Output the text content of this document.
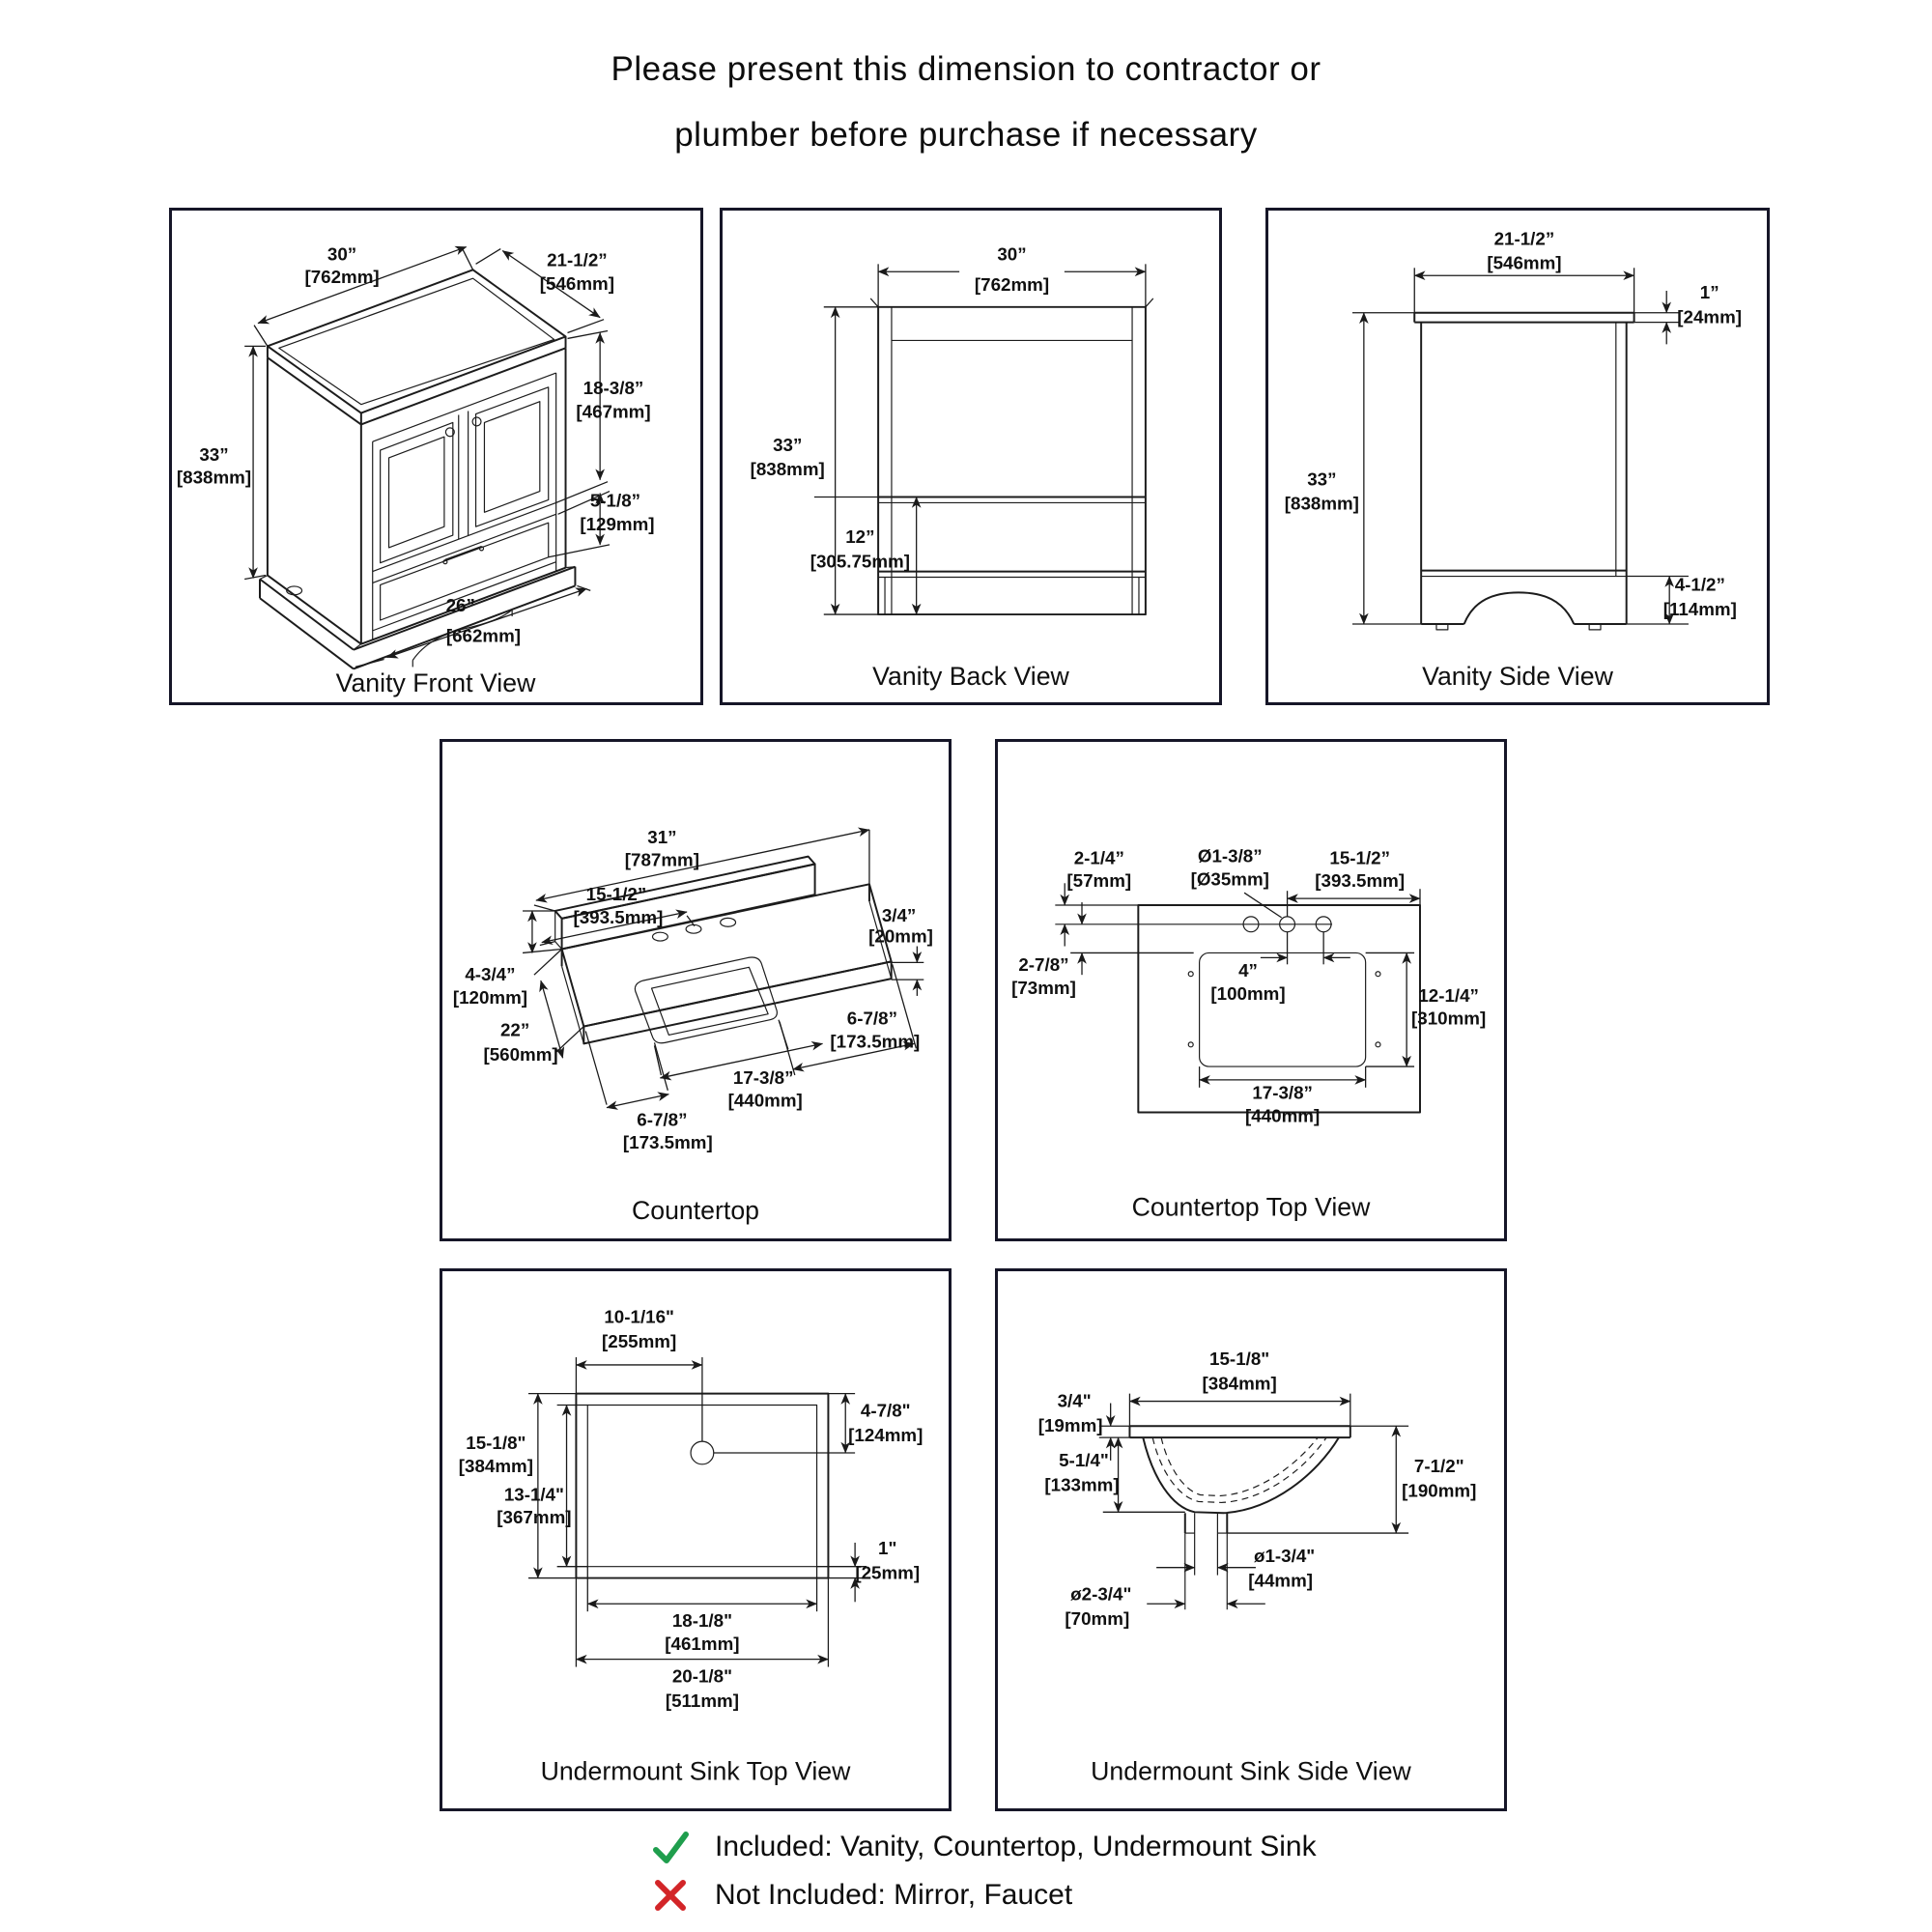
Please present this dimension to contractor or
plumber before purchase if necessary
30”
[762mm]
21-1/2”
[546mm]
33”
[838mm]
18-3/8”
[467mm]
5-1/8”
[129mm]
26”
[662mm]
Vanity Front View
30”
[762mm]
33”
[838mm]
12”
[305.75mm]
Vanity Back View
21-1/2”
[546mm]
1”
[24mm]
33”
[838mm]
4-1/2”
[114mm]
Vanity Side View
31”
[787mm]
15-1/2”
[393.5mm]
4-3/4”
[120mm]
22”
[560mm]
3/4”
[20mm]
17-3/8”
[440mm]
6-7/8”
[173.5mm]
6-7/8”
[173.5mm]
Countertop
2-1/4”
[57mm]
2-7/8”
[73mm]
Ø1-3/8”
[Ø35mm]
15-1/2”
[393.5mm]
4”
[100mm]	12-1/4”
[310mm]
17-3/8”
[440mm]
Countertop Top View
10-1/16"
[255mm]
15-1/8"
[384mm]
13-1/4"
[367mm]
4-7/8"
[124mm]
1"
[25mm]
18-1/8"
[461mm]
20-1/8"
[511mm]
Undermount Sink Top View
3/4"
[19mm]
15-1/8"
[384mm]
7-1/2"
[190mm]
5-1/4"
[133mm]
ø1-3/4"
[44mm]
ø2-3/4"
[70mm]
Undermount Sink Side View
Included: Vanity, Countertop, Undermount Sink
Not Included: Mirror, Faucet
